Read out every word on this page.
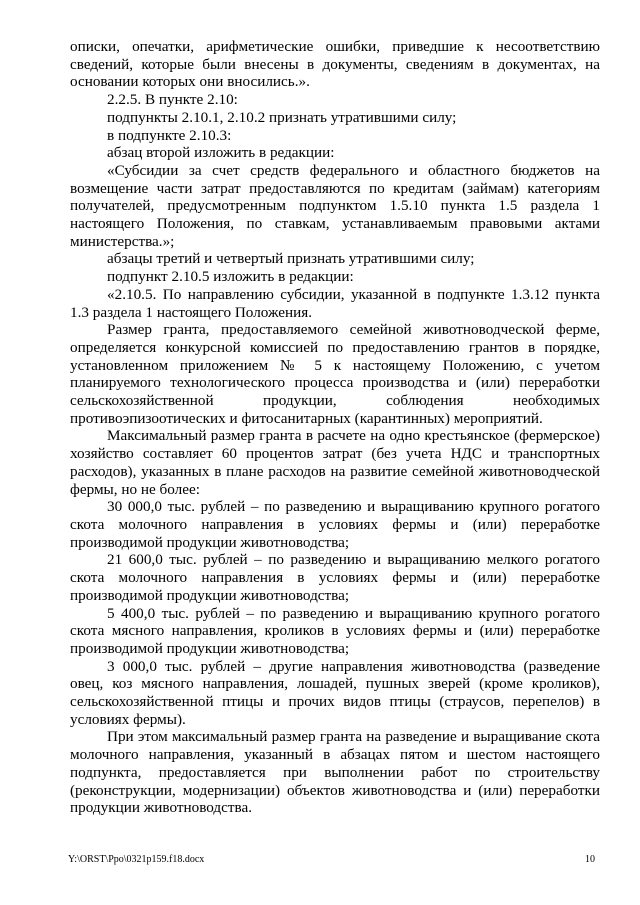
описки, опечатки, арифметические ошибки, приведшие к несоответствию сведений, которые были внесены в документы, сведениям в документах, на основании которых они вносились.».

2.2.5. В пункте 2.10:

подпункты 2.10.1, 2.10.2 признать утратившими силу;

в подпункте 2.10.3:

абзац второй изложить в редакции:

«Субсидии за счет средств федерального и областного бюджетов на возмещение части затрат предоставляются по кредитам (займам) категориям получателей, предусмотренным подпунктом 1.5.10 пункта 1.5 раздела 1 настоящего Положения, по ставкам, устанавливаемым правовыми актами министерства.»;

абзацы третий и четвертый признать утратившими силу;

подпункт 2.10.5 изложить в редакции:

«2.10.5. По направлению субсидии, указанной в подпункте 1.3.12 пункта 1.3 раздела 1 настоящего Положения.

Размер гранта, предоставляемого семейной животноводческой ферме, определяется конкурсной комиссией по предоставлению грантов в порядке, установленном приложением № 5 к настоящему Положению, с учетом планируемого технологического процесса производства и (или) переработки сельскохозяйственной продукции, соблюдения необходимых противоэпизоотических и фитосанитарных (карантинных) мероприятий.

Максимальный размер гранта в расчете на одно крестьянское (фермерское) хозяйство составляет 60 процентов затрат (без учета НДС и транспортных расходов), указанных в плане расходов на развитие семейной животноводческой фермы, но не более:

30 000,0 тыс. рублей – по разведению и выращиванию крупного рогатого скота молочного направления в условиях фермы и (или) переработке производимой продукции животноводства;

21 600,0 тыс. рублей – по разведению и выращиванию мелкого рогатого скота молочного направления в условиях фермы и (или) переработке производимой продукции животноводства;

5 400,0 тыс. рублей – по разведению и выращиванию крупного рогатого скота мясного направления, кроликов в условиях фермы и (или) переработке производимой продукции животноводства;

3 000,0 тыс. рублей – другие направления животноводства (разведение овец, коз мясного направления, лошадей, пушных зверей (кроме кроликов), сельскохозяйственной птицы и прочих видов птицы (страусов, перепелов) в условиях фермы).

При этом максимальный размер гранта на разведение и выращивание скота молочного направления, указанный в абзацах пятом и шестом настоящего подпункта, предоставляется при выполнении работ по строительству (реконструкции, модернизации) объектов животноводства и (или) переработки продукции животноводства.

Y:\ORST\Ppo\0321p159.f18.docx	10
